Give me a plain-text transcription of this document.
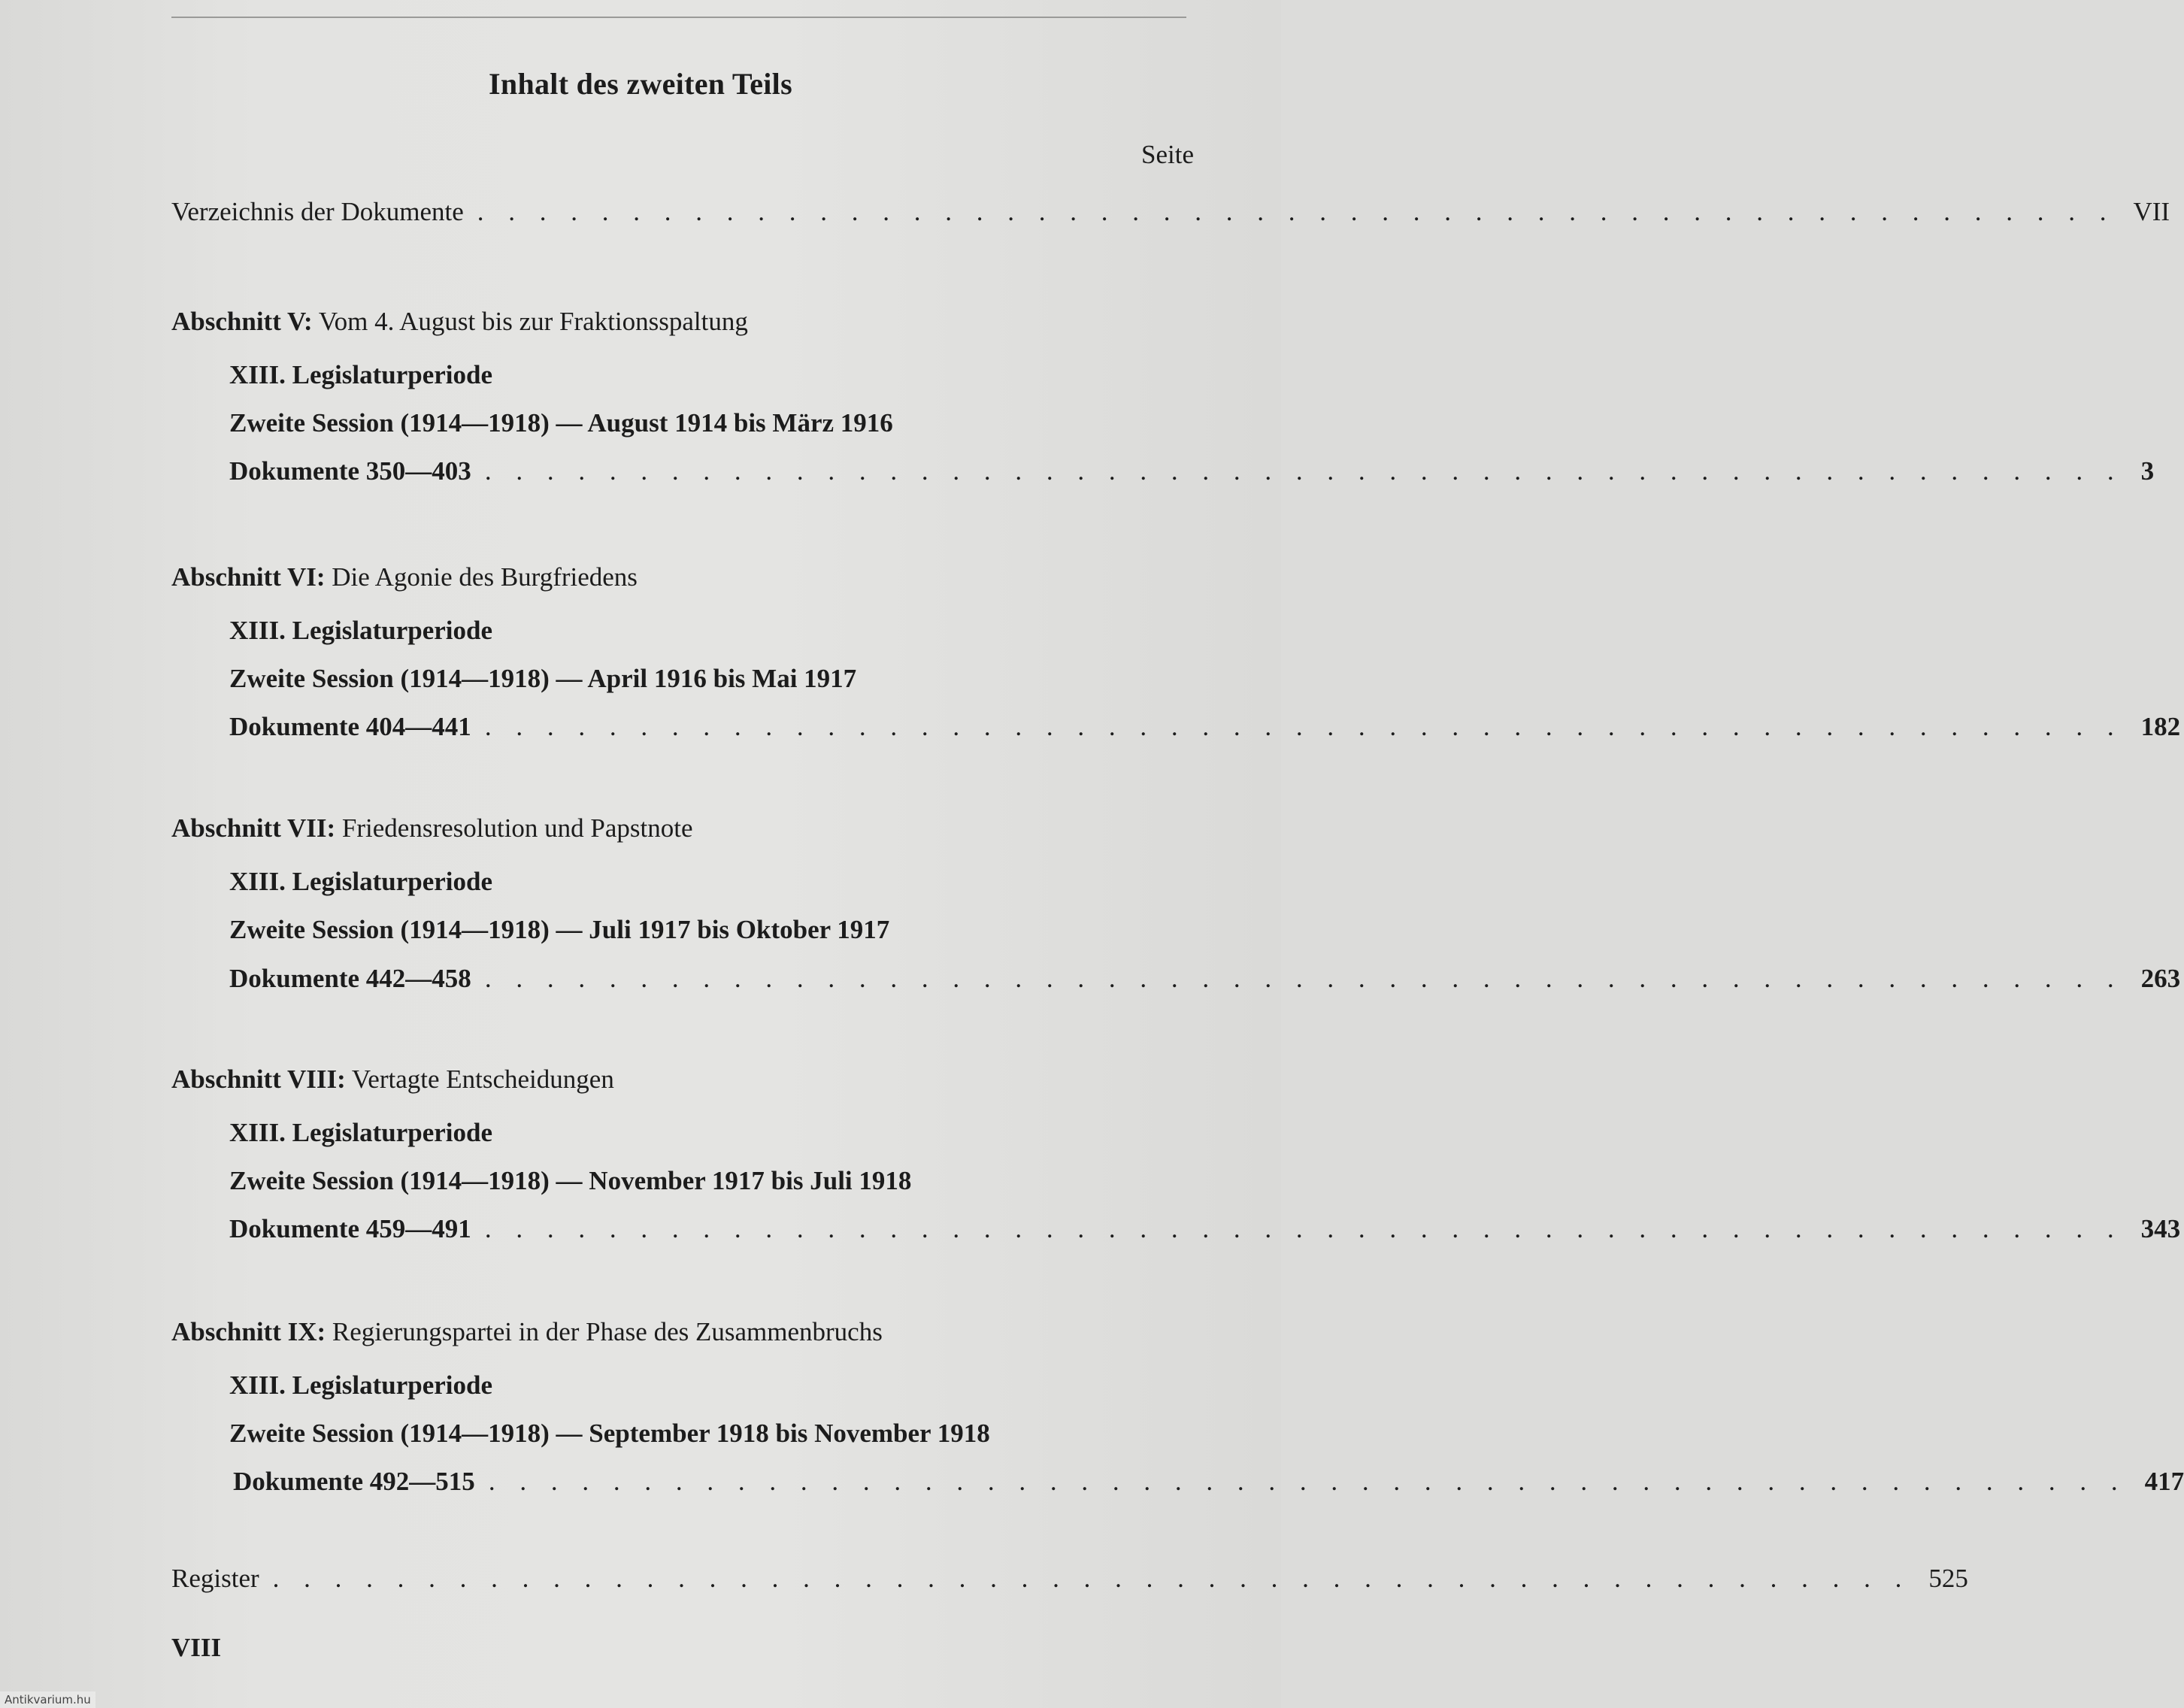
Inhalt des zweiten Teils
Seite
Verzeichnis der Dokumente . . . . . . . . . . . . . . . . . . . . . . . . . . . . . . . . . . . . . . . . . . . . . . . . . . . . . VII
Abschnitt V: Vom 4. August bis zur Fraktionsspaltung
XIII. Legislaturperiode
Zweite Session (1914—1918) — August 1914 bis März 1916
Dokumente 350—403 . . . . . . . . . . . . . . . . . . . . . . . . . . . . . . . . . . . . . . . . . . . . . . . . . . . . . 3
Abschnitt VI: Die Agonie des Burgfriedens
XIII. Legislaturperiode
Zweite Session (1914—1918) — April 1916 bis Mai 1917
Dokumente 404—441 . . . . . . . . . . . . . . . . . . . . . . . . . . . . . . . . . . . . . . . . . . . . . . . . . . . . . 182
Abschnitt VII: Friedensresolution und Papstnote
XIII. Legislaturperiode
Zweite Session (1914—1918) — Juli 1917 bis Oktober 1917
Dokumente 442—458 . . . . . . . . . . . . . . . . . . . . . . . . . . . . . . . . . . . . . . . . . . . . . . . . . . . . . 263
Abschnitt VIII: Vertagte Entscheidungen
XIII. Legislaturperiode
Zweite Session (1914—1918) — November 1917 bis Juli 1918
Dokumente 459—491 . . . . . . . . . . . . . . . . . . . . . . . . . . . . . . . . . . . . . . . . . . . . . . . . . . . . . 343
Abschnitt IX: Regierungspartei in der Phase des Zusammenbruchs
XIII. Legislaturperiode
Zweite Session (1914—1918) — September 1918 bis November 1918
Dokumente 492—515 . . . . . . . . . . . . . . . . . . . . . . . . . . . . . . . . . . . . . . . . . . . . . . . . . . . . . 417
Register . . . . . . . . . . . . . . . . . . . . . . . . . . . . . . . . . . . . . . . . . . . . . . . . . . . . . 525
VIII
Antikvarium.hu
